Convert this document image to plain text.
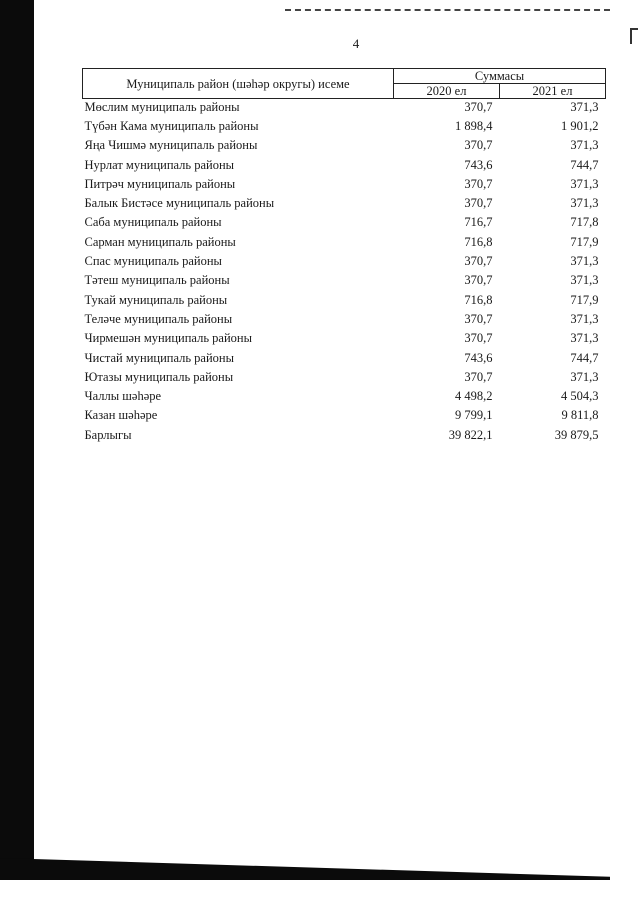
4
Муниципаль район (шәһәр округы) исеме	Суммасы	
	2020 ел	2021 ел
Мөслим муниципаль районы	370,7	371,3
Түбән Кама муниципаль районы	1 898,4	1 901,2
Яңа Чишмә муниципаль районы	370,7	371,3
Нурлат муниципаль районы	743,6	744,7
Питрәч муниципаль районы	370,7	371,3
Балык Бистәсе муниципаль районы	370,7	371,3
Саба муниципаль районы	716,7	717,8
Сарман муниципаль районы	716,8	717,9
Спас муниципаль районы	370,7	371,3
Тәтеш муниципаль районы	370,7	371,3
Тукай муниципаль районы	716,8	717,9
Теләче муниципаль районы	370,7	371,3
Чирмешән муниципаль районы	370,7	371,3
Чистай муниципаль районы	743,6	744,7
Ютазы муниципаль районы	370,7	371,3
Чаллы шәһәре	4 498,2	4 504,3
Казан шәһәре	9 799,1	9 811,8
Барлыгы	39 822,1	39 879,5
